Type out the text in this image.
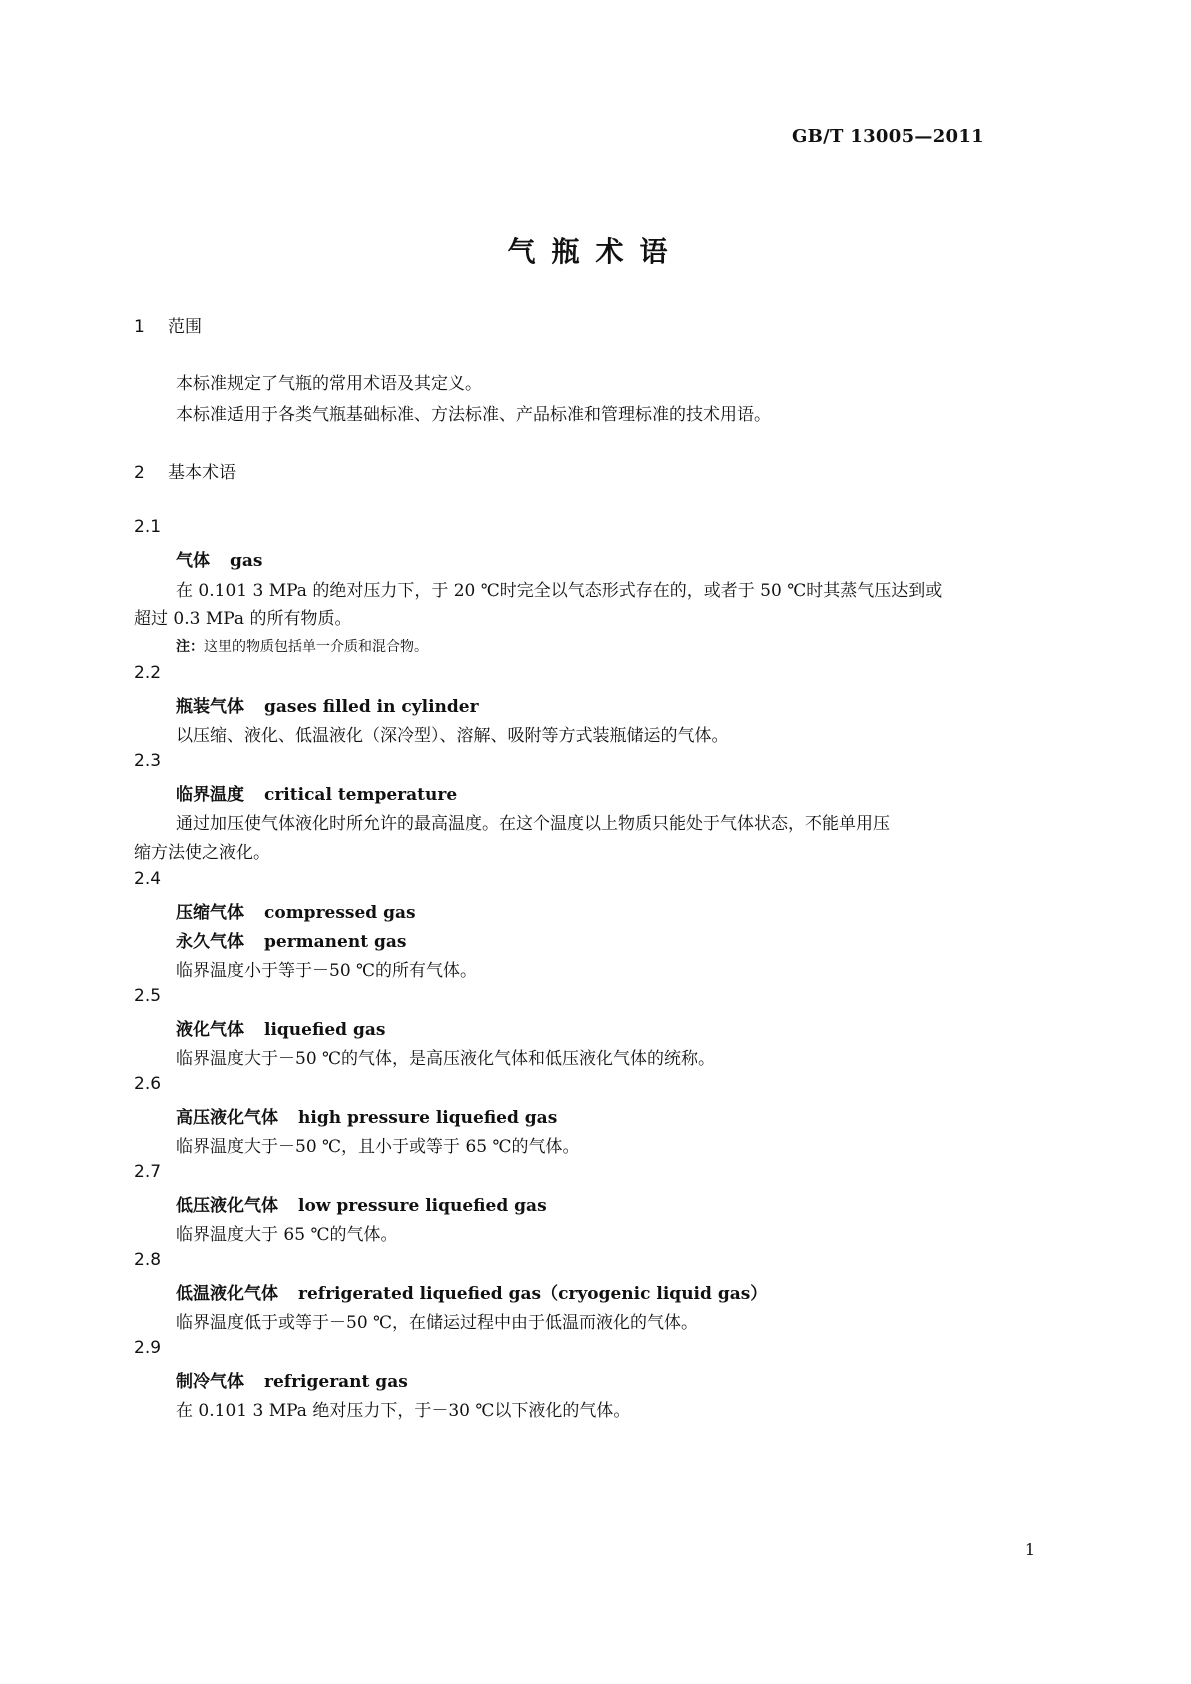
GB/T 13005—2011
气瓶术语
1 范围
本标准规定了气瓶的常用术语及其定义。
本标准适用于各类气瓶基础标准、方法标准、产品标准和管理标准的技术用语。
2 基本术语
2.1
气体 gas
在 0.101 3 MPa 的绝对压力下，于 20 ℃时完全以气态形式存在的，或者于 50 ℃时其蒸气压达到或
超过 0.3 MPa 的所有物质。
注：这里的物质包括单一介质和混合物。
2.2
瓶装气体 gases filled in cylinder
以压缩、液化、低温液化（深冷型）、溶解、吸附等方式装瓶储运的气体。
2.3
临界温度 critical temperature
通过加压使气体液化时所允许的最高温度。在这个温度以上物质只能处于气体状态，不能单用压
缩方法使之液化。
2.4
压缩气体 compressed gas
永久气体 permanent gas
临界温度小于等于－50 ℃的所有气体。
2.5
液化气体 liquefied gas
临界温度大于－50 ℃的气体，是高压液化气体和低压液化气体的统称。
2.6
高压液化气体 high pressure liquefied gas
临界温度大于－50 ℃，且小于或等于 65 ℃的气体。
2.7
低压液化气体 low pressure liquefied gas
临界温度大于 65 ℃的气体。
2.8
低温液化气体 refrigerated liquefied gas（cryogenic liquid gas）
临界温度低于或等于－50 ℃，在储运过程中由于低温而液化的气体。
2.9
制冷气体 refrigerant gas
在 0.101 3 MPa 绝对压力下，于－30 ℃以下液化的气体。
1
